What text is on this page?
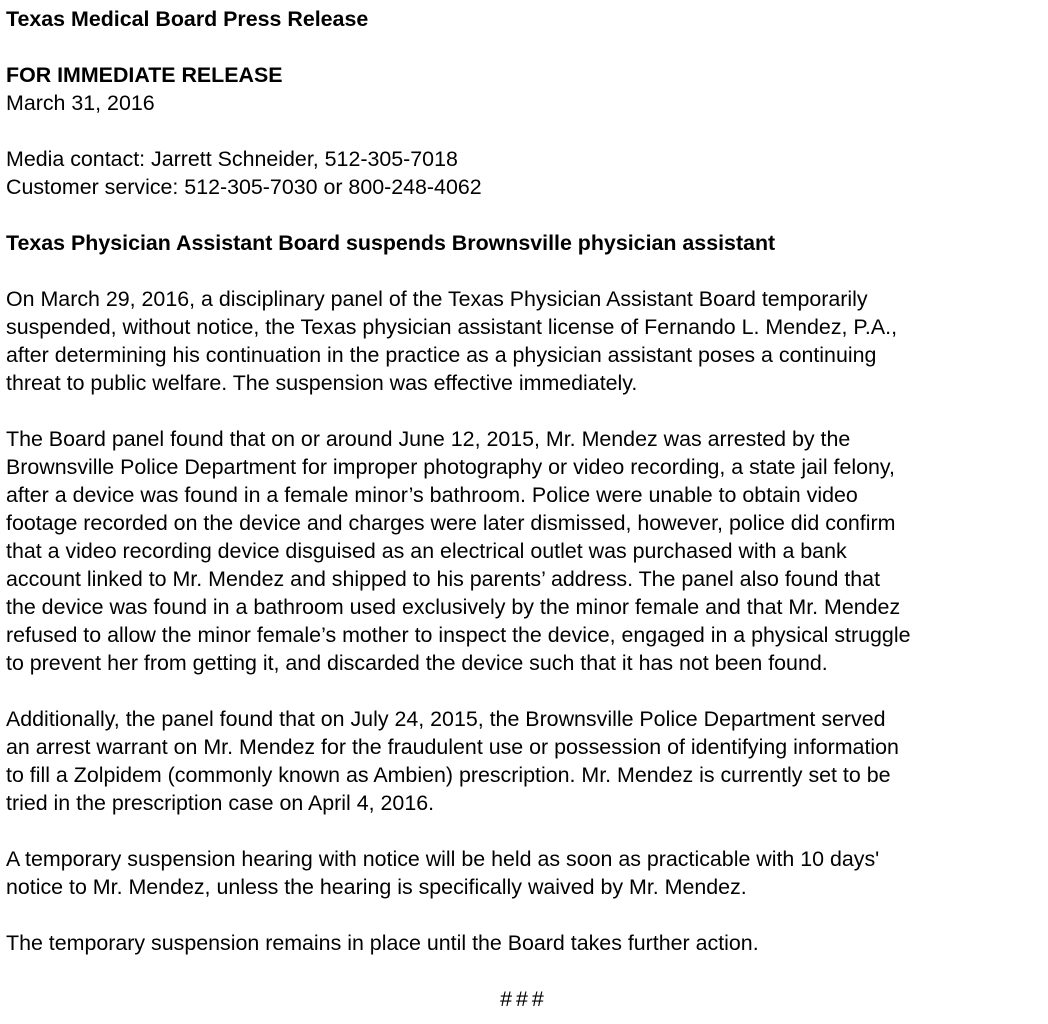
Texas Medical Board Press Release

FOR IMMEDIATE RELEASE

March 31, 2016

Media contact: Jarrett Schneider, 512-305-7018

Customer service: 512-305-7030 or 800-248-4062

Texas Physician Assistant Board suspends Brownsville physician assistant

On March 29, 2016, a disciplinary panel of the Texas Physician Assistant Board temporarily
suspended, without notice, the Texas physician assistant license of Fernando L. Mendez, P.A.,
after determining his continuation in the practice as a physician assistant poses a continuing
threat to public welfare. The suspension was effective immediately.
The Board panel found that on or around June 12, 2015, Mr. Mendez was arrested by the
Brownsville Police Department for improper photography or video recording, a state jail felony,
after a device was found in a female minor’s bathroom. Police were unable to obtain video
footage recorded on the device and charges were later dismissed, however, police did confirm
that a video recording device disguised as an electrical outlet was purchased with a bank
account linked to Mr. Mendez and shipped to his parents’ address. The panel also found that
the device was found in a bathroom used exclusively by the minor female and that Mr. Mendez
refused to allow the minor female’s mother to inspect the device, engaged in a physical struggle
to prevent her from getting it, and discarded the device such that it has not been found.
Additionally, the panel found that on July 24, 2015, the Brownsville Police Department served
an arrest warrant on Mr. Mendez for the fraudulent use or possession of identifying information
to fill a Zolpidem (commonly known as Ambien) prescription. Mr. Mendez is currently set to be
tried in the prescription case on April 4, 2016.
A temporary suspension hearing with notice will be held as soon as practicable with 10 days'
notice to Mr. Mendez, unless the hearing is specifically waived by Mr. Mendez.
The temporary suspension remains in place until the Board takes further action.

###
